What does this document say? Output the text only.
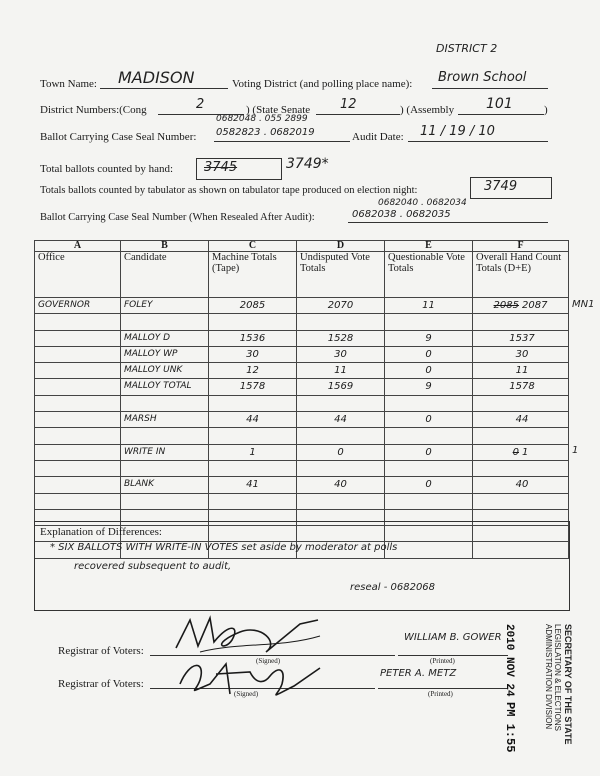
DISTRICT 2
Town Name: MADISON	Voting District (and polling place name): Brown School
District Numbers:(Cong	2	) (State Senate 12	) (Assembly 101	)
0682048 . 055 2899
Ballot Carrying Case Seal Number: 0582823 . 0682019	Audit Date: 11 / 19 / 10
Total ballots counted by hand: 3745	3749*
Totals ballots counted by tabulator as shown on tabulator tape produced on election night:	3749
0682040 . 0682034
Ballot Carrying Case Seal Number (When Resealed After Audit):	0682038 . 0682035
A	B	C	D	E	F
Office	Candidate	Machine Totals (Tape)	Undisputed Vote Totals	Questionable Vote Totals	Overall Hand Count Totals (D+E)
GOVERNOR	FOLEY	2085	2070	11	2085 2087

	MALLOY D	1536	1528	9	1537
	MALLOY WP	30	30	0	30
	MALLOY UNK	12	11	0	11
	MALLOY TOTAL	1578	1569	9	1578

	MARSH	44	44	0	44

	WRITE IN	1	0	0	0 1

	BLANK	41	40	0	40

Explanation of Differences:
* SIX BALLOTS WITH WRITE-IN VOTES set aside by moderator at polls
recovered subsequent to audit,
reseal - 0682068
Registrar of Voters:
(Signed)	(Printed)
WILLIAM B. GOWER
Registrar of Voters:
(Signed)	(Printed)
PETER A. METZ	SECRETARY OF THE STATE
LEGISLATION & ELECTIONS
ADMINISTRATION DIVISION
2010 NOV 24
PM 1:55
MN1
1
